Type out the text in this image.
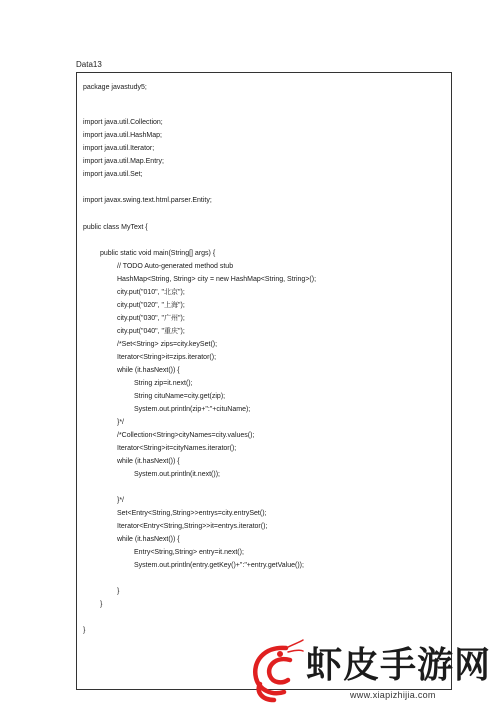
Data13
package javastudy5;
import java.util.Collection;
import java.util.HashMap;
import java.util.Iterator;
import java.util.Map.Entry;
import java.util.Set;
import javax.swing.text.html.parser.Entity;
public class MyText {
public static void main(String[] args) {
// TODO Auto-generated method stub
HashMap<String, String> city = new HashMap<String, String>();
city.put("010", "北京");
city.put("020", "上海");
city.put("030", "广州");
city.put("040", "重庆");
/*Set<String> zips=city.keySet();
Iterator<String>it=zips.iterator();
while (it.hasNext()) {
String zip=it.next();
String cituName=city.get(zip);
System.out.println(zip+":"+cituName);
}*/
/*Collection<String>cityNames=city.values();
Iterator<String>it=cityNames.iterator();
while (it.hasNext()) {
System.out.println(it.next());
}*/
Set<Entry<String,String>>entrys=city.entrySet();
Iterator<Entry<String,String>>it=entrys.iterator();
while (it.hasNext()) {
Entry<String,String> entry=it.next();
System.out.println(entry.getKey()+":"+entry.getValue());
}
}
}
虾皮手游网
www.xiapizhijia.com
